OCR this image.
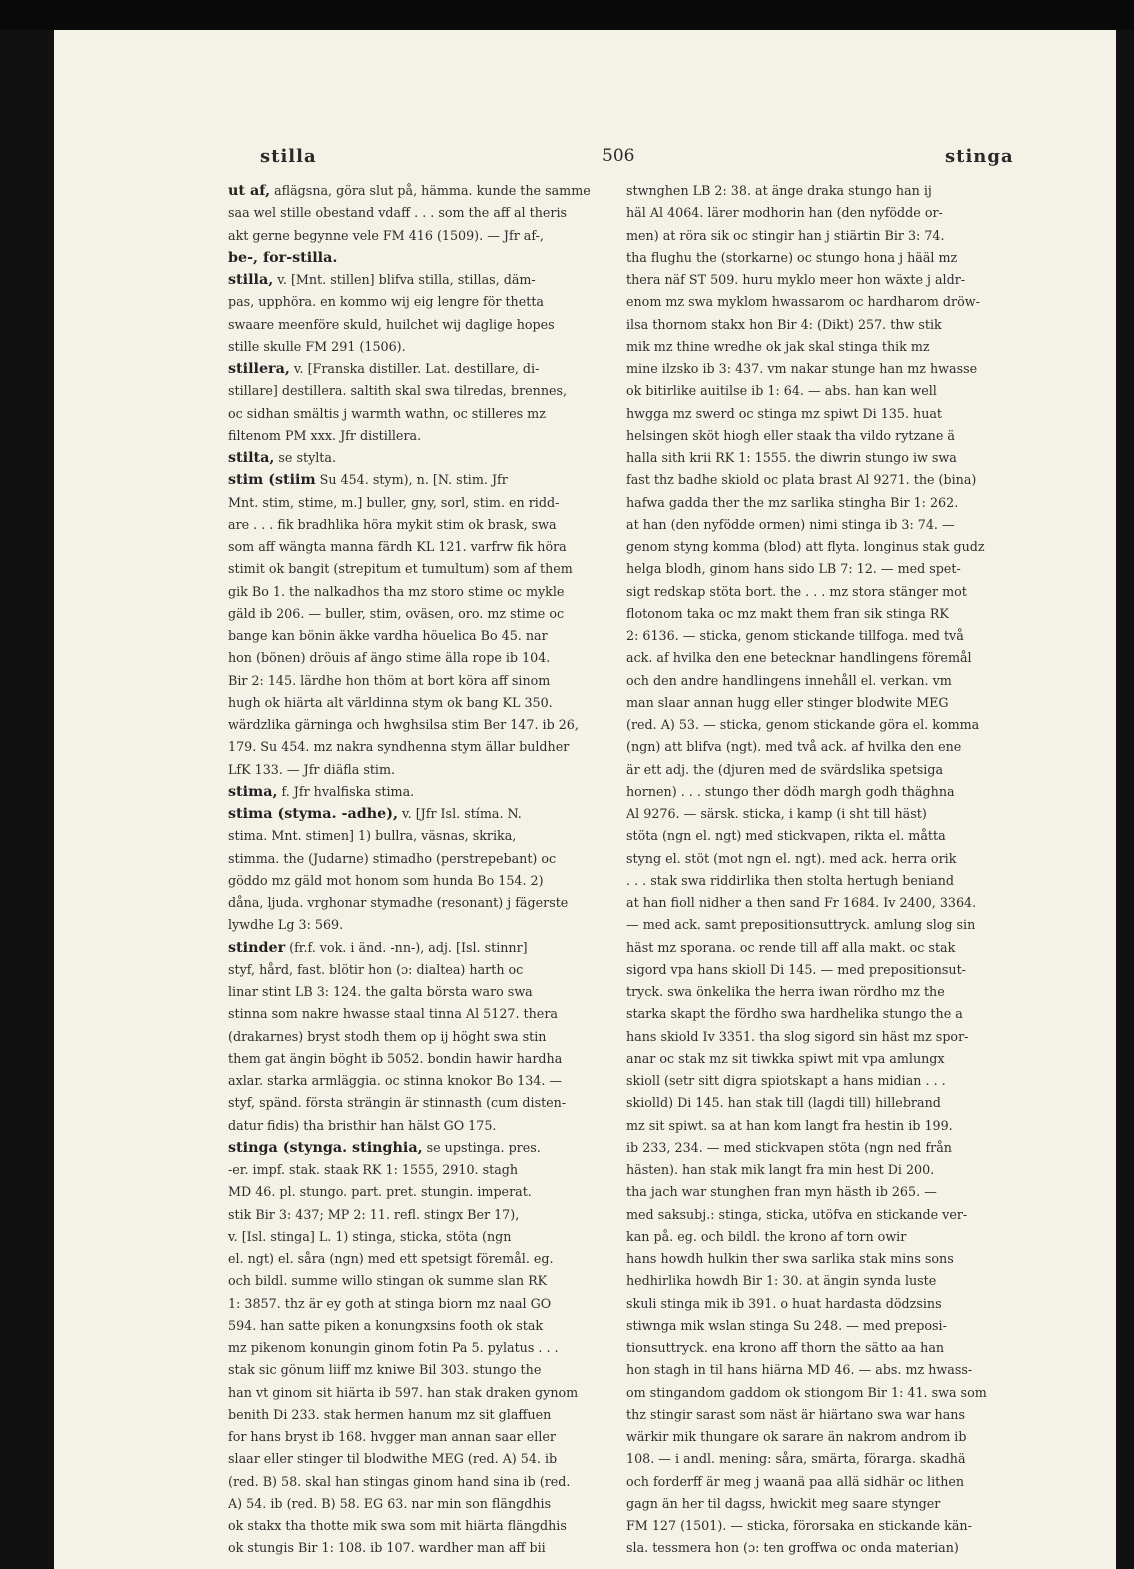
stilla	506	stinga
ut af, aflägsna, göra slut på, hämma. kunde the samme
saa wel stille obestand vdaff . . . som the aff al theris
akt gerne begynne vele FM 416 (1509). — Jfr af-,
be-, for-stilla.
stilla, v. [Mnt. stillen] blifva stilla, stillas, däm-
pas, upphöra. en kommo wij eig lengre för thetta
swaare meenföre skuld, huilchet wij daglige hopes
stille skulle FM 291 (1506).
stillera, v. [Franska distiller. Lat. destillare, di-
stillare] destillera. saltith skal swa tilredas, brennes,
oc sidhan smältis j warmth wathn, oc stilleres mz
filtenom PM xxx. Jfr distillera.
stilta, se stylta.
stim (stiim Su 454. stym), n. [N. stim. Jfr
Mnt. stim, stime, m.] buller, gny, sorl, stim. en ridd-
are . . . fik bradhlika höra mykit stim ok brask, swa
som aff wängta manna färdh KL 121. varfrw fik höra
stimit ok bangit (strepitum et tumultum) som af them
gik Bo 1. the nalkadhos tha mz storo stime oc mykle
gäld ib 206. — buller, stim, oväsen, oro. mz stime oc
bange kan bönin äkke vardha höuelica Bo 45. nar
hon (bönen) dröuis af ängo stime älla rope ib 104.
Bir 2: 145. lärdhe hon thöm at bort köra aff sinom
hugh ok hiärta alt världinna stym ok bang KL 350.
wärdzlika gärninga och hwghsilsa stim Ber 147. ib 26,
179. Su 454. mz nakra syndhenna stym ällar buldher
LfK 133. — Jfr diäfla stim.
stima, f. Jfr hvalfiska stima.
stima (styma. -adhe), v. [Jfr Isl. stíma. N.
stima. Mnt. stimen] 1) bullra, väsnas, skrika,
stimma. the (Judarne) stimadho (perstrepebant) oc
göddo mz gäld mot honom som hunda Bo 154. 2)
dåna, ljuda. vrghonar stymadhe (resonant) j fägerste
lywdhe Lg 3: 569.
stinder (fr.f. vok. i änd. -nn-), adj. [Isl. stinnr]
styf, hård, fast. blötir hon (ɔ: dialtea) harth oc
linar stint LB 3: 124. the galta börsta waro swa
stinna som nakre hwasse staal tinna Al 5127. thera
(drakarnes) bryst stodh them op ij höght swa stin
them gat ängin böght ib 5052. bondin hawir hardha
axlar. starka armläggia. oc stinna knokor Bo 134. —
styf, spänd. första strängin är stinnasth (cum disten-
datur fidis) tha bristhir han hälst GO 175.
stinga (stynga. stinghia, se upstinga. pres.
-er. impf. stak. staak RK 1: 1555, 2910. stagh
MD 46. pl. stungo. part. pret. stungin. imperat.
stik Bir 3: 437; MP 2: 11. refl. stingx Ber 17),
v. [Isl. stinga] L. 1) stinga, sticka, stöta (ngn
el. ngt) el. såra (ngn) med ett spetsigt föremål. eg.
och bildl. summe willo stingan ok summe slan RK
1: 3857. thz är ey goth at stinga biorn mz naal GO
594. han satte piken a konungxsins footh ok stak
mz pikenom konungin ginom fotin Pa 5. pylatus . . .
stak sic gönum liiff mz kniwe Bil 303. stungo the
han vt ginom sit hiärta ib 597. han stak draken gynom
benith Di 233. stak hermen hanum mz sit glaffuen
for hans bryst ib 168. hvgger man annan saar eller
slaar eller stinger til blodwithe MEG (red. A) 54. ib
(red. B) 58. skal han stingas ginom hand sina ib (red.
A) 54. ib (red. B) 58. EG 63. nar min son flängdhis
ok stakx tha thotte mik swa som mit hiärta flängdhis
ok stungis Bir 1: 108. ib 107. wardher man aff bii
stwnghen LB 2: 38. at änge draka stungo han ij
häl Al 4064. lärer modhorin han (den nyfödde or-
men) at röra sik oc stingir han j stiärtin Bir 3: 74.
tha flughu the (storkarne) oc stungo hona j hääl mz
thera näf ST 509. huru myklo meer hon wäxte j aldr-
enom mz swa myklom hwassarom oc hardharom dröw-
ilsa thornom stakx hon Bir 4: (Dikt) 257. thw stik
mik mz thine wredhe ok jak skal stinga thik mz
mine ilzsko ib 3: 437. vm nakar stunge han mz hwasse
ok bitirlike auitilse ib 1: 64. — abs. han kan well
hwgga mz swerd oc stinga mz spiwt Di 135. huat
helsingen sköt hiogh eller staak tha vildo rytzane ä
halla sith krii RK 1: 1555. the diwrin stungo iw swa
fast thz badhe skiold oc plata brast Al 9271. the (bina)
hafwa gadda ther the mz sarlika stingha Bir 1: 262.
at han (den nyfödde ormen) nimi stinga ib 3: 74. —
genom styng komma (blod) att flyta. longinus stak gudz
helga blodh, ginom hans sido LB 7: 12. — med spet-
sigt redskap stöta bort. the . . . mz stora stänger mot
flotonom taka oc mz makt them fran sik stinga RK
2: 6136. — sticka, genom stickande tillfoga. med två
ack. af hvilka den ene betecknar handlingens föremål
och den andre handlingens innehåll el. verkan. vm
man slaar annan hugg eller stinger blodwite MEG
(red. A) 53. — sticka, genom stickande göra el. komma
(ngn) att blifva (ngt). med två ack. af hvilka den ene
är ett adj. the (djuren med de svärdslika spetsiga
hornen) . . . stungo ther dödh margh godh thäghna
Al 9276. — särsk. sticka, i kamp (i sht till häst)
stöta (ngn el. ngt) med stickvapen, rikta el. måtta
styng el. stöt (mot ngn el. ngt). med ack. herra orik
. . . stak swa riddirlika then stolta hertugh beniand
at han fioll nidher a then sand Fr 1684. Iv 2400, 3364.
— med ack. samt prepositionsuttryck. amlung slog sin
häst mz sporana. oc rende till aff alla makt. oc stak
sigord vpa hans skioll Di 145. — med prepositionsut-
tryck. swa önkelika the herra iwan rördho mz the
starka skapt the fördho swa hardhelika stungo the a
hans skiold Iv 3351. tha slog sigord sin häst mz spor-
anar oc stak mz sit tiwkka spiwt mit vpa amlungx
skioll (setr sitt digra spiotskapt a hans midian . . .
skiolld) Di 145. han stak till (lagdi till) hillebrand
mz sit spiwt. sa at han kom langt fra hestin ib 199.
ib 233, 234. — med stickvapen stöta (ngn ned från
hästen). han stak mik langt fra min hest Di 200.
tha jach war stunghen fran myn hästh ib 265. —
med saksubj.: stinga, sticka, utöfva en stickande ver-
kan på. eg. och bildl. the krono af torn owir
hans howdh hulkin ther swa sarlika stak mins sons
hedhirlika howdh Bir 1: 30. at ängin synda luste
skuli stinga mik ib 391. o huat hardasta dödzsins
stiwnga mik wslan stinga Su 248. — med preposi-
tionsuttryck. ena krono aff thorn the sätto aa han
hon stagh in til hans hiärna MD 46. — abs. mz hwass-
om stingandom gaddom ok stiongom Bir 1: 41. swa som
thz stingir sarast som näst är hiärtano swa war hans
wärkir mik thungare ok sarare än nakrom androm ib
108. — i andl. mening: såra, smärta, förarga. skadhä
och forderff är meg j waanä paa allä sidhär oc lithen
gagn än her til dagss, hwickit meg saare stynger
FM 127 (1501). — sticka, förorsaka en stickande kän-
sla. tessmera hon (ɔ: ten groffwa oc onda materian)
